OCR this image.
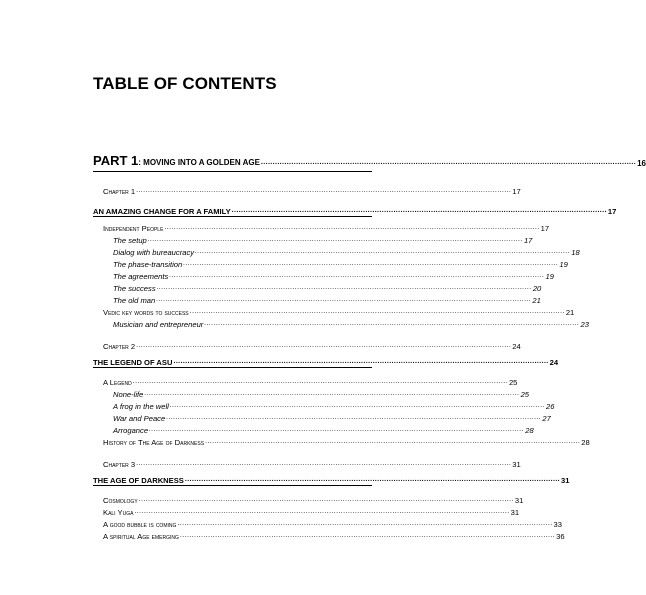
TABLE OF CONTENTS
PART 1: MOVING INTO A GOLDEN AGE ................................................................................................................................................................ 16
Chapter 1 ................................................................................................................................................................ 17
AN AMAZING CHANGE FOR A FAMILY ................................................................................................................................................................ 17
Independent People ................................................................................................................................................................ 17
The setup ................................................................................................................................................................ 17
Dialog with bureaucracy ................................................................................................................................................................ 18
The phase-transition ................................................................................................................................................................ 19
The agreements ................................................................................................................................................................ 19
The success ................................................................................................................................................................ 20
The old man ................................................................................................................................................................ 21
Vedic key words to success ................................................................................................................................................................ 21
Musician and entrepreneur ................................................................................................................................................................ 23
Chapter 2 ................................................................................................................................................................ 24
THE LEGEND OF ASU ................................................................................................................................................................ 24
A Legend ................................................................................................................................................................ 25
None-life ................................................................................................................................................................ 25
A frog in the well ................................................................................................................................................................ 26
War and Peace ................................................................................................................................................................ 27
Arrogance ................................................................................................................................................................ 28
History of The Age of Darkness ................................................................................................................................................................ 28
Chapter 3 ................................................................................................................................................................ 31
THE AGE OF DARKNESS ................................................................................................................................................................ 31
Cosmology ................................................................................................................................................................ 31
Kali Yuga ................................................................................................................................................................ 31
A good bubble is coming ................................................................................................................................................................ 33
A spiritual Age emerging ................................................................................................................................................................ 36
